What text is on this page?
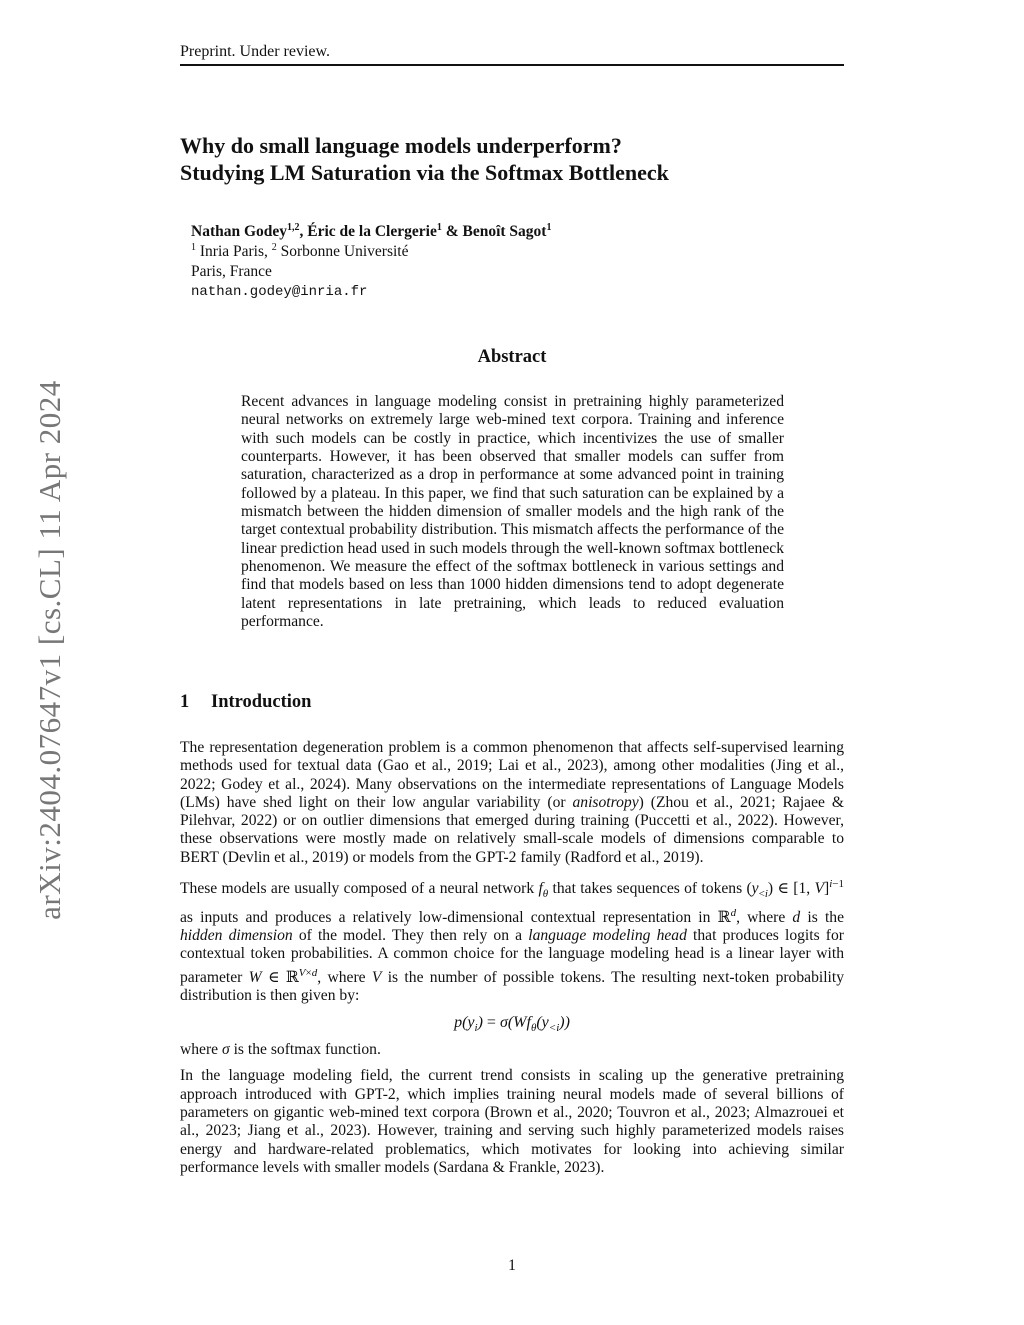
Preprint. Under review.
arXiv:2404.07647v1 [cs.CL] 11 Apr 2024
Why do small language models underperform?
Studying LM Saturation via the Softmax Bottleneck
Nathan Godey$^{1,2}$, Éric de la Clergerie$^1$ & Benoît Sagot$^1$
$^1$ Inria Paris, $^2$ Sorbonne Université
Paris, France
nathan.godey@inria.fr
Abstract
Recent advances in language modeling consist in pretraining highly parameterized neural networks on extremely large web-mined text corpora. Training and inference with such models can be costly in practice, which incentivizes the use of smaller counterparts. However, it has been observed that smaller models can suffer from saturation, characterized as a drop in performance at some advanced point in training followed by a plateau. In this paper, we find that such saturation can be explained by a mismatch between the hidden dimension of smaller models and the high rank of the target contextual probability distribution. This mismatch affects the performance of the linear prediction head used in such models through the well-known softmax bottleneck phenomenon. We measure the effect of the softmax bottleneck in various settings and find that models based on less than 1000 hidden dimensions tend to adopt degenerate latent representations in late pretraining, which leads to reduced evaluation performance.
1 Introduction

The representation degeneration problem is a common phenomenon that affects self-supervised learning methods used for textual data (Gao et al., 2019; Lai et al., 2023), among other modalities (Jing et al., 2022; Godey et al., 2024). Many observations on the intermediate representations of Language Models (LMs) have shed light on their low angular variability (or anisotropy) (Zhou et al., 2021; Rajaee & Pilehvar, 2022) or on outlier dimensions that emerged during training (Puccetti et al., 2022). However, these observations were mostly made on relatively small-scale models of dimensions comparable to BERT (Devlin et al., 2019) or models from the GPT-2 family (Radford et al., 2019).

These models are usually composed of a neural network $f_\theta$ that takes sequences of tokens $(y_{<i})$ ∈ [1, V]$^{i-1}$ as inputs and produces a relatively low-dimensional contextual representation in ℝ$^d$, where d is the hidden dimension of the model. They then rely on a language modeling head that produces logits for contextual token probabilities. A common choice for the language modeling head is a linear layer with parameter W ∈ ℝ$^{V\times d}$, where V is the number of possible tokens. The resulting next-token probability distribution is then given by:

$p(y_i) = \sigma(Wf_\theta(y_{<i}))$

where σ is the softmax function.

In the language modeling field, the current trend consists in scaling up the generative pretraining approach introduced with GPT-2, which implies training neural models made of several billions of parameters on gigantic web-mined text corpora (Brown et al., 2020; Touvron et al., 2023; Almazrouei et al., 2023; Jiang et al., 2023). However, training and serving such highly parameterized models raises energy and hardware-related problematics, which motivates for looking into achieving similar performance levels with smaller models (Sardana & Frankle, 2023).

1
